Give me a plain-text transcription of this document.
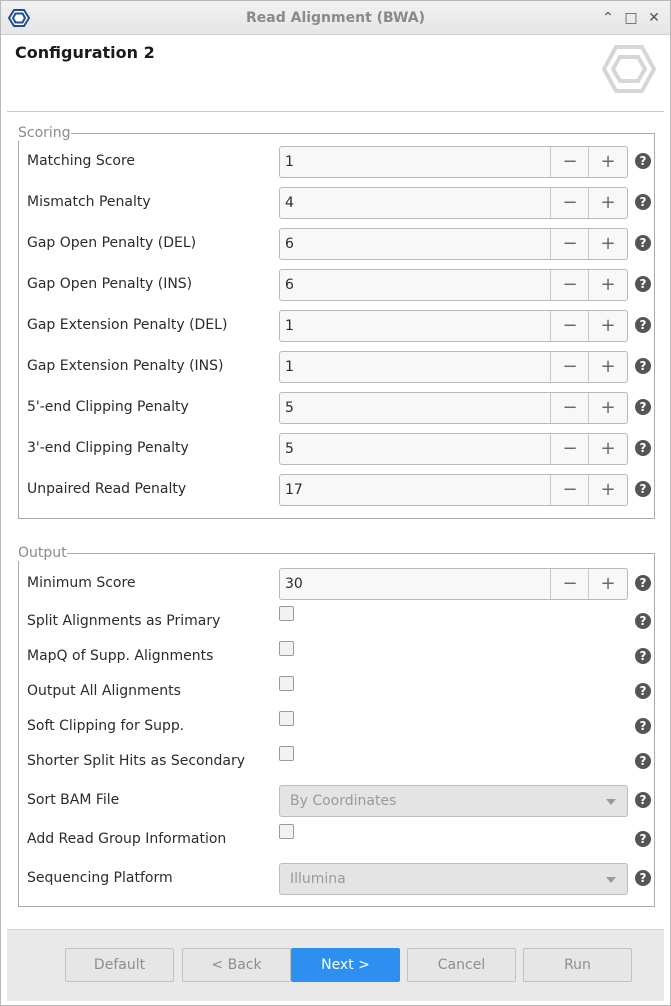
Read Alignment (BWA)	⌃ □ ✕
Configuration 2
Scoring
Matching Score	1	−	+	?
Mismatch Penalty	4	−	+	?
Gap Open Penalty (DEL)	6	−	+	?
Gap Open Penalty (INS)	6	−	+	?
Gap Extension Penalty (DEL)	1	−	+	?
Gap Extension Penalty (INS)	1	−	+	?
5'-end Clipping Penalty	5	−	+	?
3'-end Clipping Penalty	5	−	+	?
Unpaired Read Penalty	17	−	+	?
Output
Minimum Score	30	−	+	?
Split Alignments as Primary	?
MapQ of Supp. Alignments	?
Output All Alignments	?
Soft Clipping for Supp.	?
Shorter Split Hits as Secondary	?
Sort BAM File	By Coordinates	?
Add Read Group Information	?
Sequencing Platform	Illumina	?
Default	< Back	Next >	Cancel	Run
